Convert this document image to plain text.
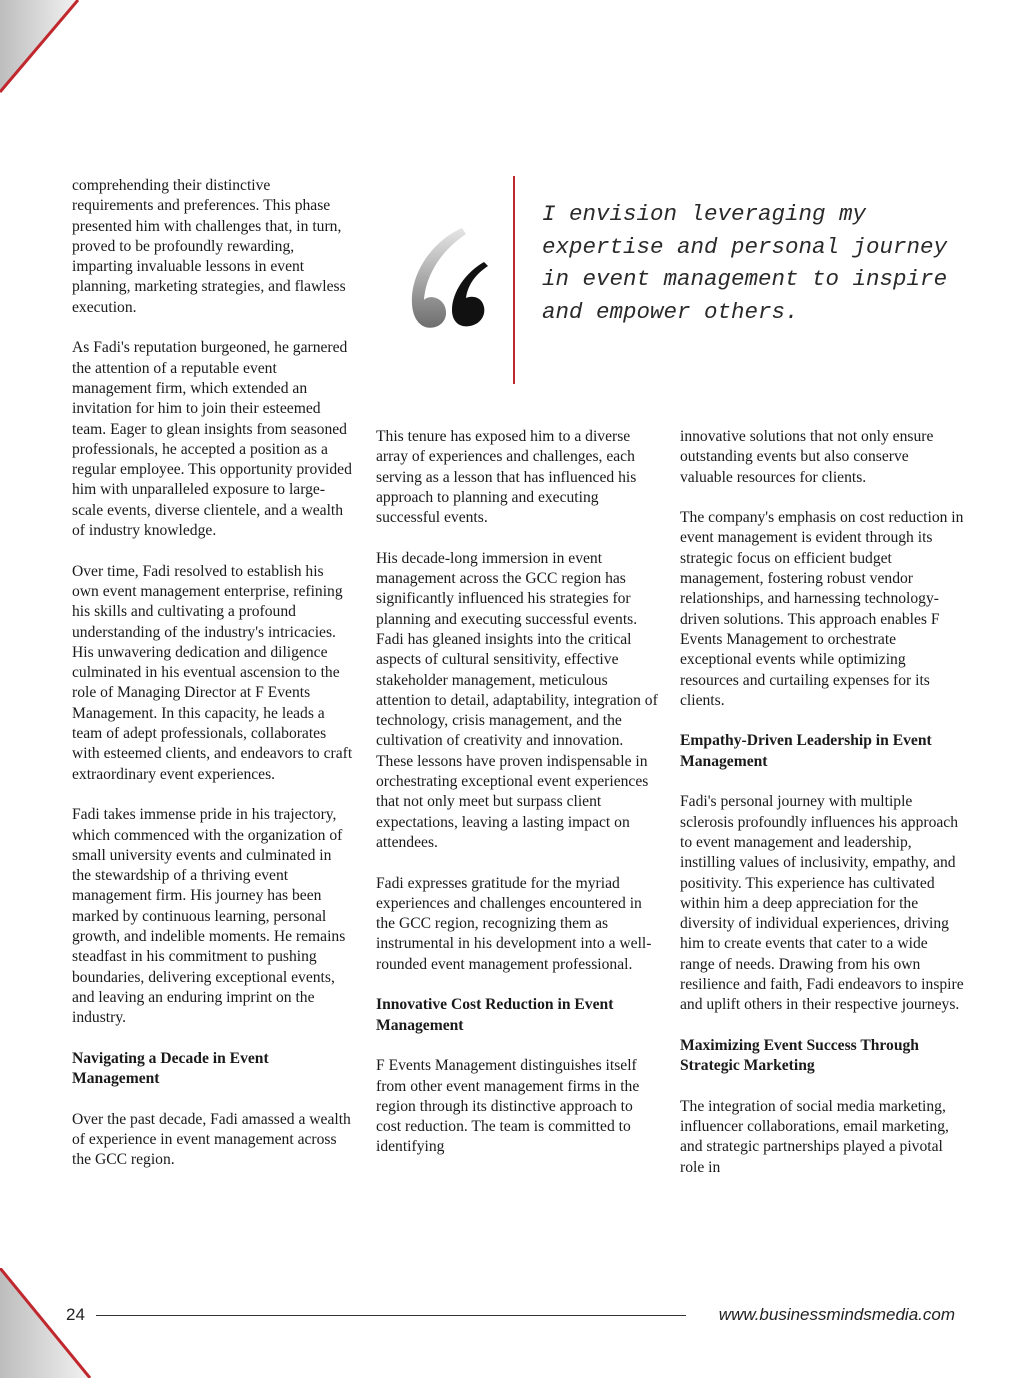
comprehending their distinctive requirements and preferences. This phase presented him with challenges that, in turn, proved to be profoundly rewarding, imparting invaluable lessons in event planning, marketing strategies, and flawless execution.

As Fadi's reputation burgeoned, he garnered the attention of a reputable event management firm, which extended an invitation for him to join their esteemed team. Eager to glean insights from seasoned professionals, he accepted a position as a regular employee. This opportunity provided him with unparalleled exposure to large-scale events, diverse clientele, and a wealth of industry knowledge.

Over time, Fadi resolved to establish his own event management enterprise, refining his skills and cultivating a profound understanding of the industry's intricacies. His unwavering dedication and diligence culminated in his eventual ascension to the role of Managing Director at F Events Management. In this capacity, he leads a team of adept professionals, collaborates with esteemed clients, and endeavors to craft extraordinary event experiences.

Fadi takes immense pride in his trajectory, which commenced with the organization of small university events and culminated in the stewardship of a thriving event management firm. His journey has been marked by continuous learning, personal growth, and indelible moments. He remains steadfast in his commitment to pushing boundaries, delivering exceptional events, and leaving an enduring imprint on the industry.

Navigating a Decade in Event Management

Over the past decade, Fadi amassed a wealth of experience in event management across the GCC region.

I envision leveraging my expertise and personal journey in event management to inspire and empower others.

This tenure has exposed him to a diverse array of experiences and challenges, each serving as a lesson that has influenced his approach to planning and executing successful events.

His decade-long immersion in event management across the GCC region has significantly influenced his strategies for planning and executing successful events. Fadi has gleaned insights into the critical aspects of cultural sensitivity, effective stakeholder management, meticulous attention to detail, adaptability, integration of technology, crisis management, and the cultivation of creativity and innovation. These lessons have proven indispensable in orchestrating exceptional event experiences that not only meet but surpass client expectations, leaving a lasting impact on attendees.

Fadi expresses gratitude for the myriad experiences and challenges encountered in the GCC region, recognizing them as instrumental in his development into a well-rounded event management professional.

Innovative Cost Reduction in Event Management

F Events Management distinguishes itself from other event management firms in the region through its distinctive approach to cost reduction. The team is committed to identifying

innovative solutions that not only ensure outstanding events but also conserve valuable resources for clients.

The company's emphasis on cost reduction in event management is evident through its strategic focus on efficient budget management, fostering robust vendor relationships, and harnessing technology-driven solutions. This approach enables F Events Management to orchestrate exceptional events while optimizing resources and curtailing expenses for its clients.

Empathy-Driven Leadership in Event Management

Fadi's personal journey with multiple sclerosis profoundly influences his approach to event management and leadership, instilling values of inclusivity, empathy, and positivity. This experience has cultivated within him a deep appreciation for the diversity of individual experiences, driving him to create events that cater to a wide range of needs. Drawing from his own resilience and faith, Fadi endeavors to inspire and uplift others in their respective journeys.

Maximizing Event Success Through Strategic Marketing

The integration of social media marketing, influencer collaborations, email marketing, and strategic partnerships played a pivotal role in

24	www.businessmindsmedia.com
